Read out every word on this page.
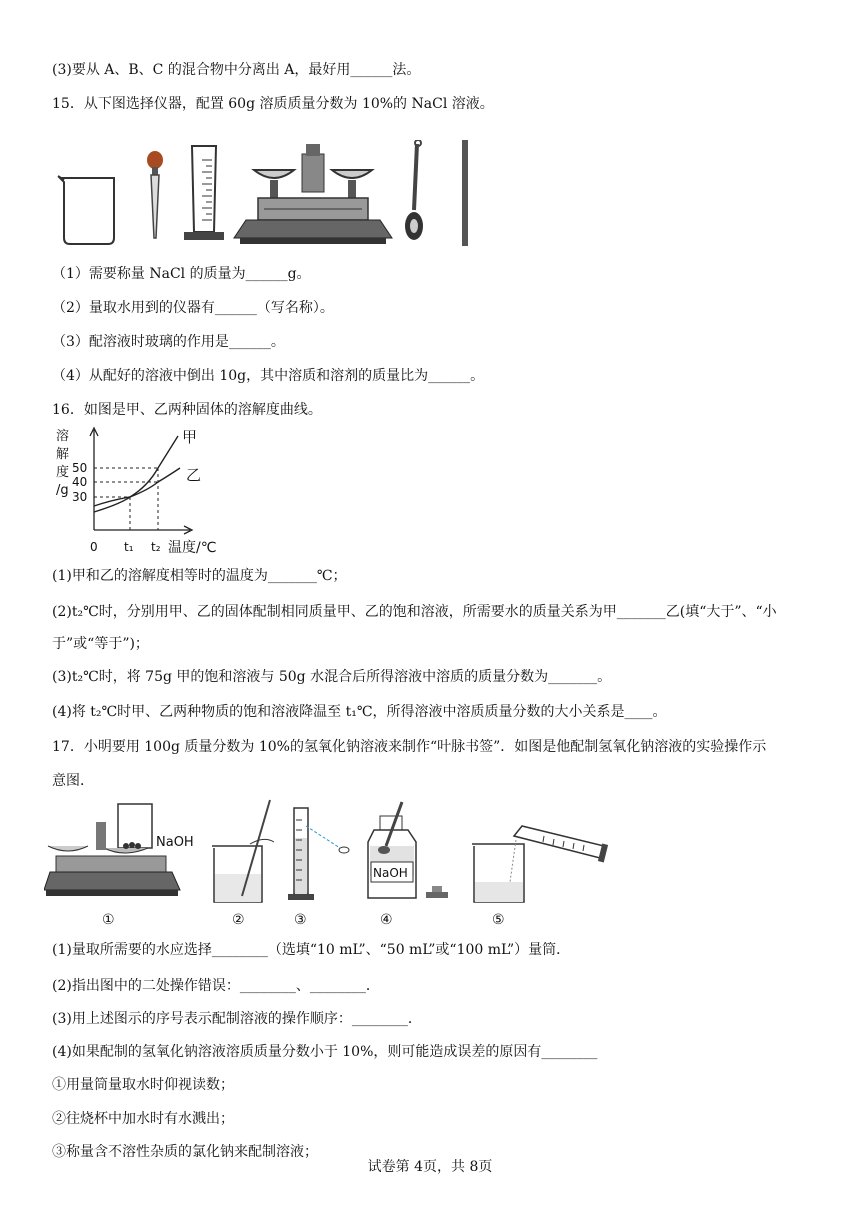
(3)要从 A、B、C 的混合物中分离出 A，最好用______法。
15．从下图选择仪器，配置 60g 溶质质量分数为 10%的 NaCl 溶液。
（1）需要称量 NaCl 的质量为______g。
（2）量取水用到的仪器有______（写名称）。
（3）配溶液时玻璃的作用是______。
（4）从配好的溶液中倒出 10g，其中溶质和溶剂的质量比为______。
16．如图是甲、乙两种固体的溶解度曲线。
溶
解
度
/g
50
40
30
0 t₁ t₂ 温度/℃
甲
乙
(1)甲和乙的溶解度相等时的温度为_______℃；
(2)t₂℃时，分别用甲、乙的固体配制相同质量甲、乙的饱和溶液，所需要水的质量关系为甲_______乙(填“大于”、“小
于”或“等于”)；
(3)t₂℃时，将 75g 甲的饱和溶液与 50g 水混合后所得溶液中溶质的质量分数为_______。
(4)将 t₂℃时甲、乙两种物质的饱和溶液降温至 t₁℃，所得溶液中溶质质量分数的大小关系是____。
17．小明要用 100g 质量分数为 10%的氢氧化钠溶液来制作“叶脉书签”．如图是他配制氢氧化钠溶液的实验操作示
意图．
NaOH
①	②	③
NaOH
④	⑤
(1)量取所需要的水应选择________（选填“10 mL”、“50 mL”或“100 mL”）量筒．
(2)指出图中的二处操作错误：________、________．
(3)用上述图示的序号表示配制溶液的操作顺序：________．
(4)如果配制的氢氧化钠溶液溶质质量分数小于 10%，则可能造成误差的原因有________
①用量筒量取水时仰视读数；
②往烧杯中加水时有水溅出；
③称量含不溶性杂质的氯化钠来配制溶液；
试卷第 4页，共 8页
